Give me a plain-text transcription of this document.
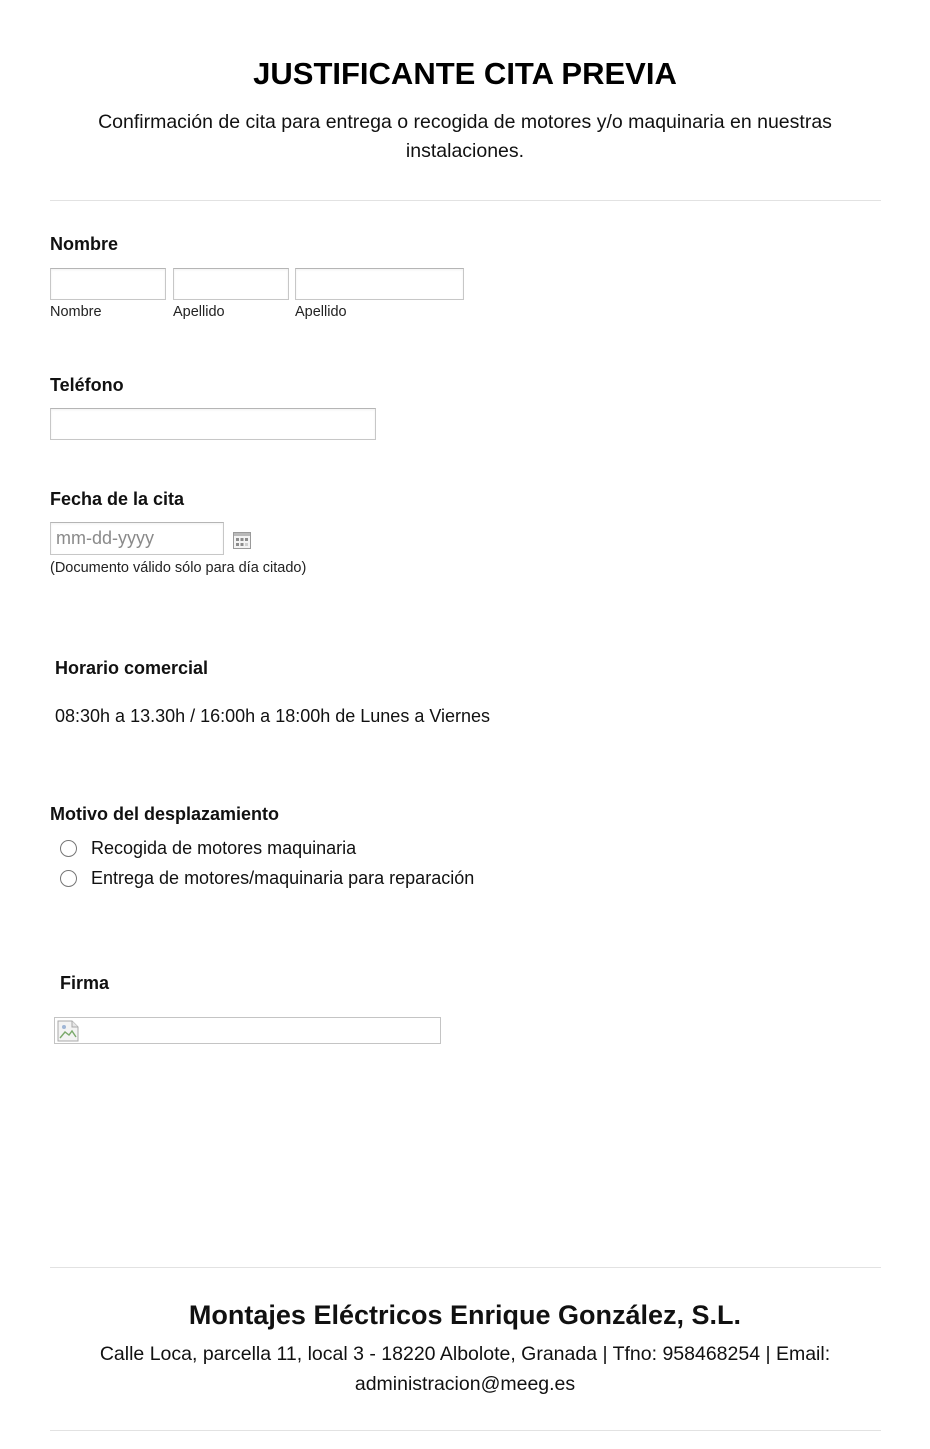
JUSTIFICANTE CITA PREVIA
Confirmación de cita para entrega o recogida de motores y/o maquinaria en nuestras instalaciones.
Nombre
Nombre	Apellido	Apellido
Teléfono
Fecha de la cita
mm-dd-yyyy
(Documento válido sólo para día citado)
Horario comercial
08:30h a 13.30h / 16:00h a 18:00h de Lunes a Viernes
Motivo del desplazamiento
Recogida de motores maquinaria
Entrega de motores/maquinaria para reparación
Firma
Montajes Eléctricos Enrique González, S.L.
Calle Loca, parcella 11, local 3 - 18220 Albolote, Granada | Tfno: 958468254 | Email: administracion@meeg.es
